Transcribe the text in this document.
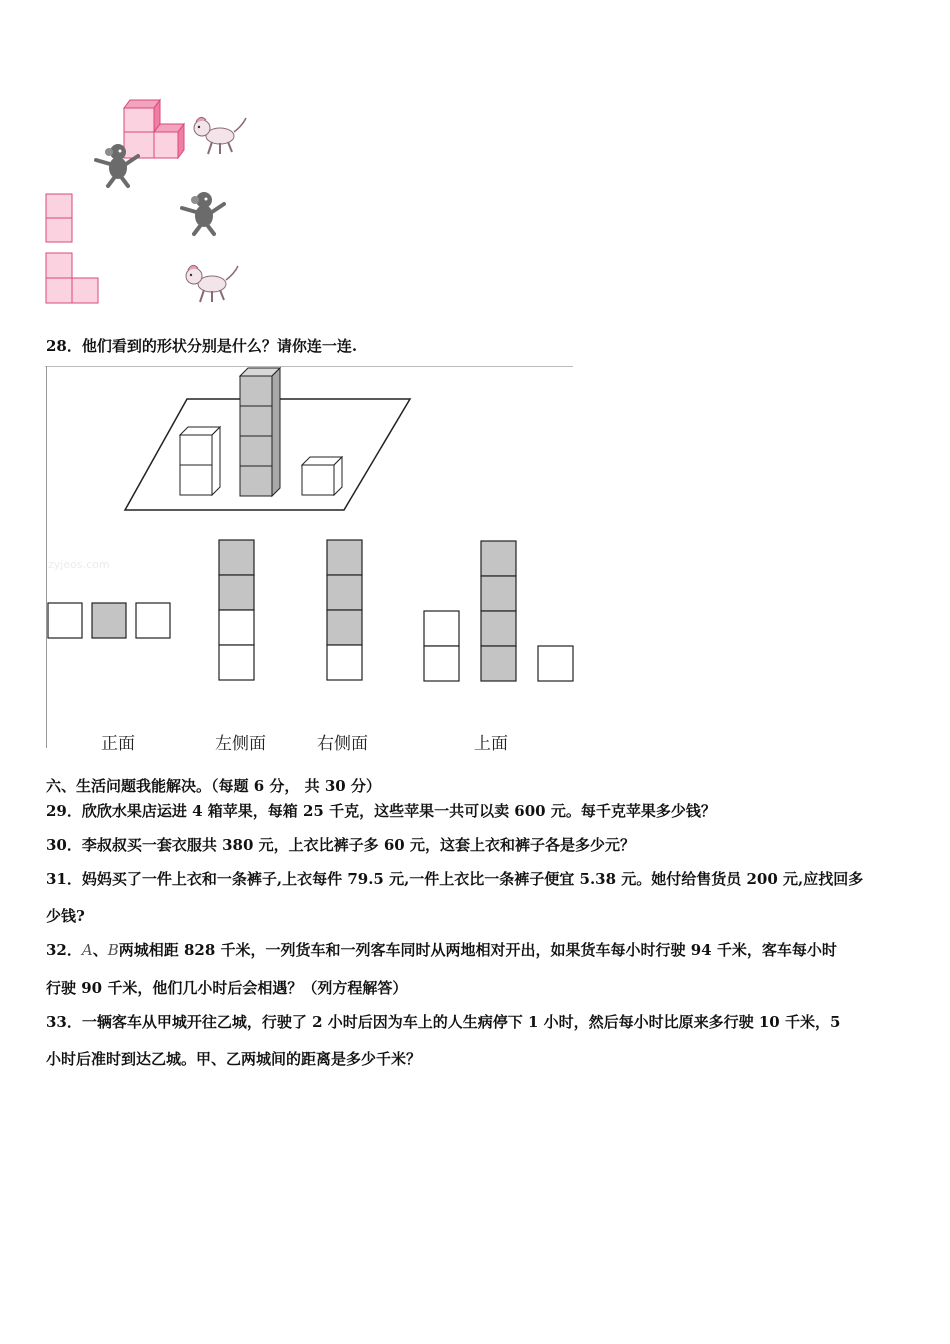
28．他们看到的形状分别是什么？请你连一连.
zyjeos.com
正面	左侧面	右侧面	上面
六、生活问题我能解决。（每题 6 分， 共 30 分）
29．欣欣水果店运进 4 箱苹果，每箱 25 千克，这些苹果一共可以卖 600 元。每千克苹果多少钱？
30．李叔叔买一套衣服共 380 元，上衣比裤子多 60 元，这套上衣和裤子各是多少元？
31．妈妈买了一件上衣和一条裤子,上衣每件 79.5 元,一件上衣比一条裤子便宜 5.38 元。她付给售货员 200 元,应找回多
少钱?
32．A、B两城相距 828 千米，一列货车和一列客车同时从两地相对开出，如果货车每小时行驶 94 千米，客车每小时
行驶 90 千米，他们几小时后会相遇？（列方程解答）
33．一辆客车从甲城开往乙城，行驶了 2 小时后因为车上的人生病停下 1 小时，然后每小时比原来多行驶 10 千米，5
小时后准时到达乙城。甲、乙两城间的距离是多少千米？
